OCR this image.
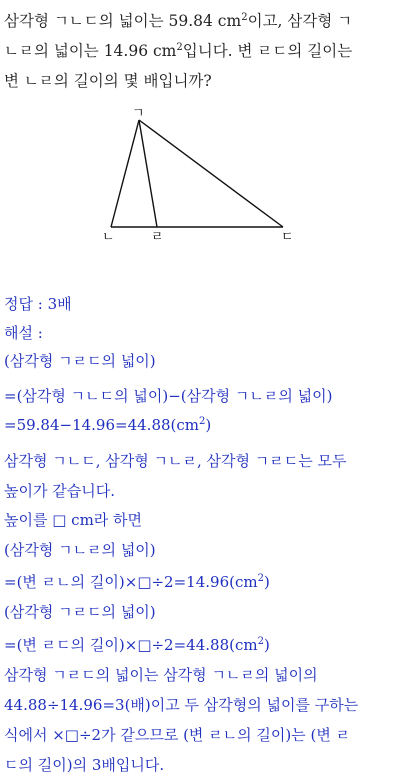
삼각형 ㄱㄴㄷ의 넓이는 59.84 $cm^2$이고, 삼각형 ㄱ
ㄴㄹ의 넓이는 14.96 $cm^2$입니다. 변 ㄹㄷ의 길이는
변 ㄴㄹ의 길이의 몇 배입니까?
ㄱ
ㄴ	ㄹ	ㄷ
정답 : 3배
해설 :
(삼각형 ㄱㄹㄷ의 넓이)
=(삼각형 ㄱㄴㄷ의 넓이)−(삼각형 ㄱㄴㄹ의 넓이)
$=59.84-14.96=44.88(cm^2)$
삼각형 ㄱㄴㄷ, 삼각형 ㄱㄴㄹ, 삼각형 ㄱㄹㄷ는 모두
높이가 같습니다.
높이를 □ cm라 하면
(삼각형 ㄱㄴㄹ의 넓이)
=(변 ㄹㄴ의 길이)$\times□\div 2=14.96(cm^2)$
(삼각형 ㄱㄹㄷ의 넓이)
=(변 ㄹㄷ의 길이)$\times□\div 2=44.88(cm^2)$
삼각형 ㄱㄹㄷ의 넓이는 삼각형 ㄱㄴㄹ의 넓이의
44.88÷14.96=3(배)이고 두 삼각형의 넓이를 구하는
식에서 ×□÷2가 같으므로 (변 ㄹㄴ의 길이)는 (변 ㄹ
ㄷ의 길이)의 3배입니다.
